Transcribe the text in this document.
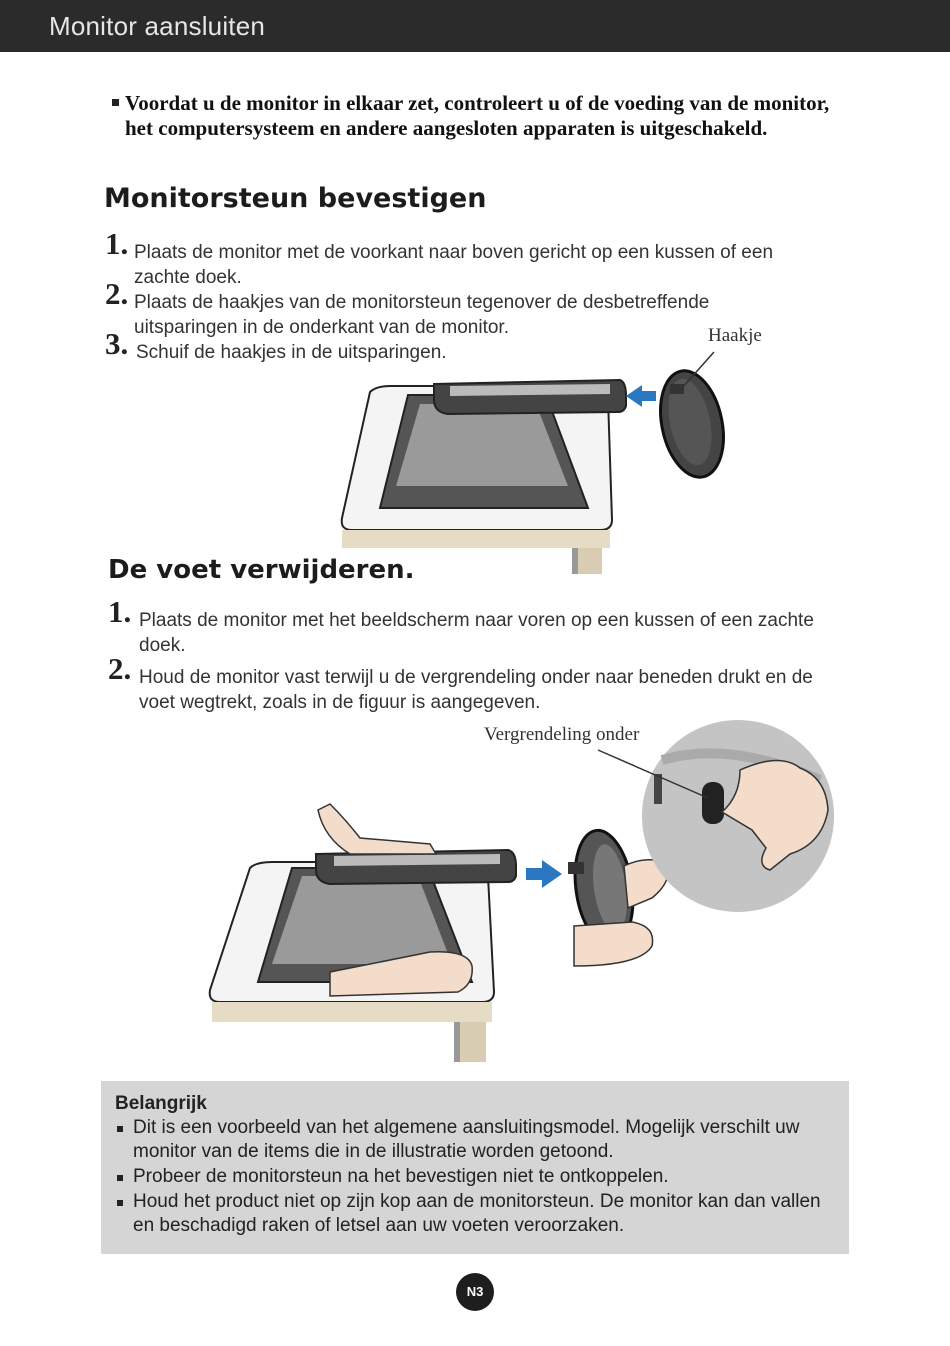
Monitor aansluiten
Voordat u de monitor in elkaar zet, controleert u of de voeding van de monitor, het computersysteem en andere aangesloten apparaten is uitgeschakeld.
Monitorsteun bevestigen
1. Plaats de monitor met de voorkant naar boven gericht op een kussen of een zachte doek.
2. Plaats de haakjes van de monitorsteun tegenover de desbetreffende uitsparingen in de onderkant van de monitor.
3. Schuif de haakjes in de uitsparingen.
Haakje
De voet verwijderen.
1. Plaats de monitor met het beeldscherm naar voren op een kussen of een zachte doek.
2. Houd de monitor vast terwijl u de vergrendeling onder naar beneden drukt en de voet wegtrekt, zoals in de figuur is aangegeven.
Vergrendeling onder
Belangrijk
Dit is een voorbeeld van het algemene aansluitingsmodel. Mogelijk verschilt uw monitor van de items die in de illustratie worden getoond.
Probeer de monitorsteun na het bevestigen niet te ontkoppelen.
Houd het product niet op zijn kop aan de monitorsteun. De monitor kan dan vallen en beschadigd raken of letsel aan uw voeten veroorzaken.
N3
